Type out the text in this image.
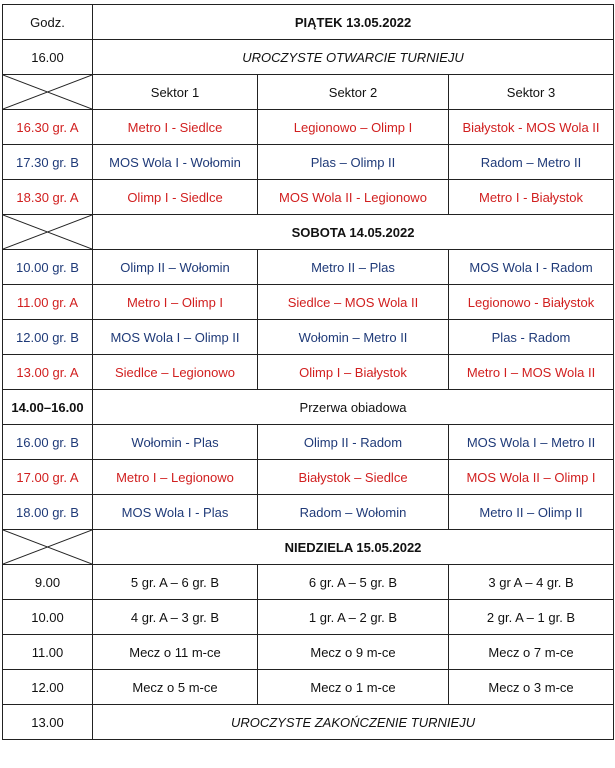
Godz.	PIĄTEK 13.05.2022		
16.00	UROCZYSTE OTWARCIE TURNIEJU		

	Sektor 1	Sektor 2	Sektor 3
16.30 gr. A	Metro I - Siedlce	Legionowo – Olimp I	Białystok - MOS Wola II
17.30 gr. B	MOS Wola I - Wołomin	Plas – Olimp II	Radom – Metro II
18.30 gr. A	Olimp I - Siedlce	MOS Wola II - Legionowo	Metro I - Białystok

	SOBOTA 14.05.2022		
10.00 gr. B	Olimp II – Wołomin	Metro II – Plas	MOS Wola I - Radom
11.00 gr. A	Metro I – Olimp I	Siedlce – MOS Wola II	Legionowo - Białystok
12.00 gr. B	MOS Wola I – Olimp II	Wołomin – Metro II	Plas - Radom
13.00 gr. A	Siedlce – Legionowo	Olimp I – Białystok	Metro I – MOS Wola II
14.00–16.00	Przerwa obiadowa		
16.00 gr. B	Wołomin - Plas	Olimp II - Radom	MOS Wola I – Metro II
17.00 gr. A	Metro I – Legionowo	Białystok – Siedlce	MOS Wola II – Olimp I
18.00 gr. B	MOS Wola I - Plas	Radom – Wołomin	Metro II – Olimp II

	NIEDZIELA 15.05.2022		
9.00	5 gr. A – 6 gr. B	6 gr. A – 5 gr. B	3 gr A – 4 gr. B
10.00	4 gr. A – 3 gr. B	1 gr. A – 2 gr. B	2 gr. A – 1 gr. B
11.00	Mecz o 11 m-ce	Mecz o 9 m-ce	Mecz o 7 m-ce
12.00	Mecz o 5 m-ce	Mecz o 1 m-ce	Mecz o 3 m-ce
13.00	UROCZYSTE ZAKOŃCZENIE TURNIEJU		
